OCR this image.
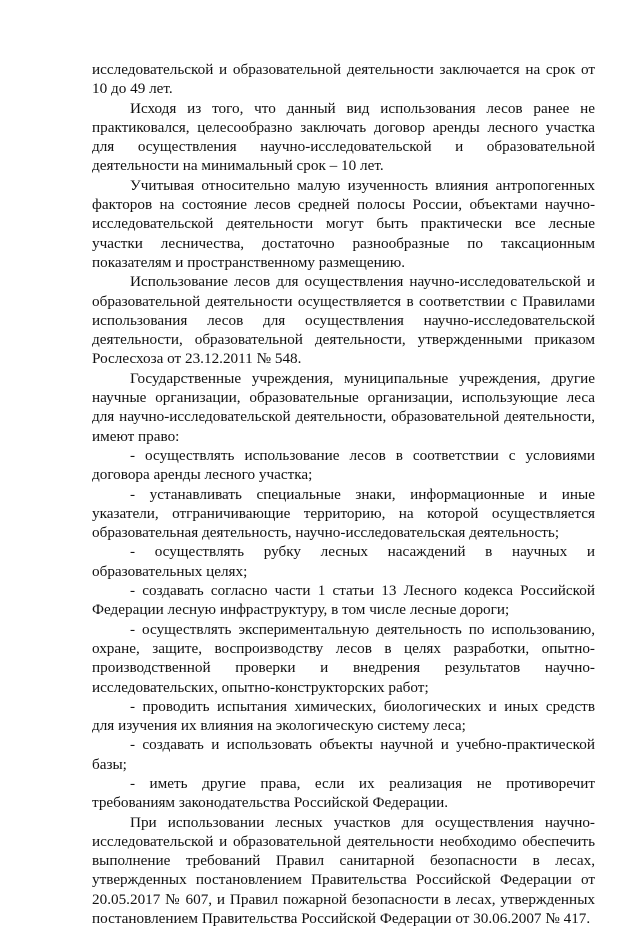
исследовательской и образовательной деятельности заключается на срок от 10 до 49 лет.

Исходя из того, что данный вид использования лесов ранее не практиковался, целесообразно заключать договор аренды лесного участка для осуществления научно-исследовательской и образовательной деятельности на минимальный срок – 10 лет.

Учитывая относительно малую изученность влияния антропогенных факторов на состояние лесов средней полосы России, объектами научно-исследовательской деятельности могут быть практически все лесные участки лесничества, достаточно разнообразные по таксационным показателям и пространственному размещению.

Использование лесов для осуществления научно-исследовательской и образовательной деятельности осуществляется в соответствии с Правилами использования лесов для осуществления научно-исследовательской деятельности, образовательной деятельности, утвержденными приказом Рослесхоза от 23.12.2011 № 548.

Государственные учреждения, муниципальные учреждения, другие научные организации, образовательные организации, использующие леса для научно-исследовательской деятельности, образовательной деятельности, имеют право:

- осуществлять использование лесов в соответствии с условиями договора аренды лесного участка;

- устанавливать специальные знаки, информационные и иные указатели, отграничивающие территорию, на которой осуществляется образовательная деятельность, научно-исследовательская деятельность;

- осуществлять рубку лесных насаждений в научных и образовательных целях;

- создавать согласно части 1 статьи 13 Лесного кодекса Российской Федерации лесную инфраструктуру, в том числе лесные дороги;

- осуществлять экспериментальную деятельность по использованию, охране, защите, воспроизводству лесов в целях разработки, опытно-производственной проверки и внедрения результатов научно-исследовательских, опытно-конструкторских работ;

- проводить испытания химических, биологических и иных средств для изучения их влияния на экологическую систему леса;

- создавать и использовать объекты научной и учебно-практической базы;

- иметь другие права, если их реализация не противоречит требованиям законодательства Российской Федерации.

При использовании лесных участков для осуществления научно-исследовательской и образовательной деятельности необходимо обеспечить выполнение требований Правил санитарной безопасности в лесах, утвержденных постановлением Правительства Российской Федерации от 20.05.2017 № 607, и Правил пожарной безопасности в лесах, утвержденных постановлением Правительства Российской Федерации от 30.06.2007 № 417.
